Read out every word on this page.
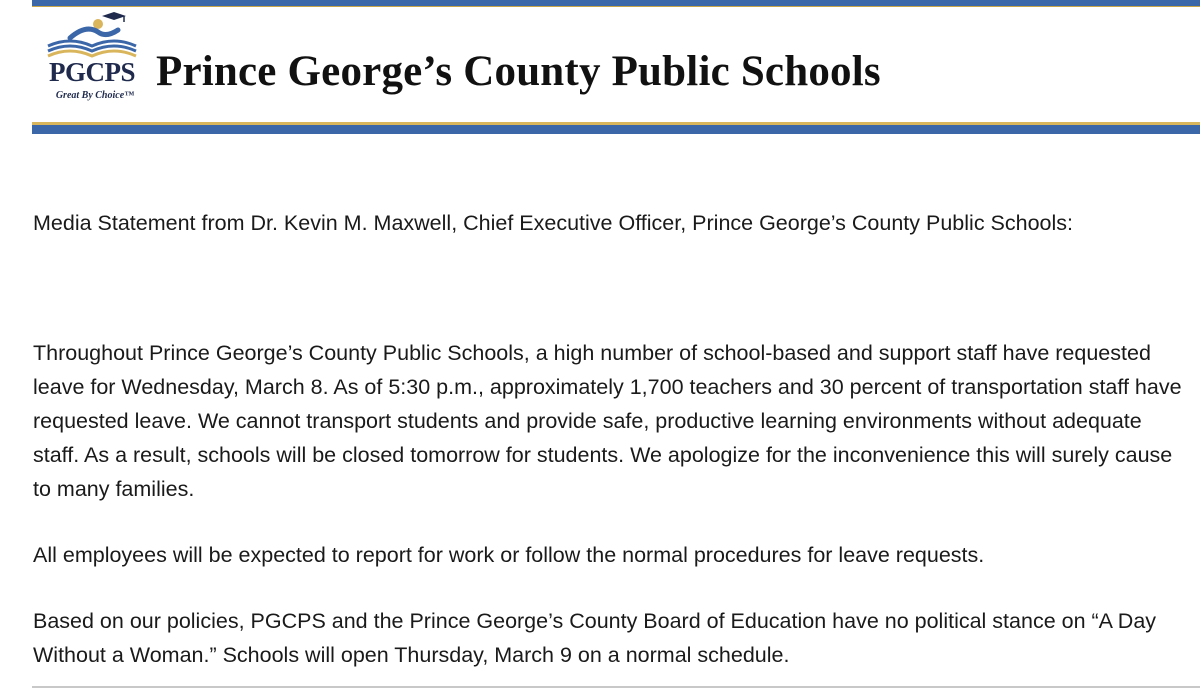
PGCPS
Great By Choice™
Prince George’s County Public Schools

Media Statement from Dr. Kevin M. Maxwell, Chief Executive Officer, Prince George’s County Public Schools:

Throughout Prince George’s County Public Schools, a high number of school-based and support staff have requested leave for Wednesday, March 8. As of 5:30 p.m., approximately 1,700 teachers and 30 percent of transportation staff have requested leave. We cannot transport students and provide safe, productive learning environments without adequate staff. As a result, schools will be closed tomorrow for students. We apologize for the inconvenience this will surely cause to many families.

All employees will be expected to report for work or follow the normal procedures for leave requests.

Based on our policies, PGCPS and the Prince George’s County Board of Education have no political stance on “A Day Without a Woman.” Schools will open Thursday, March 9 on a normal schedule.
